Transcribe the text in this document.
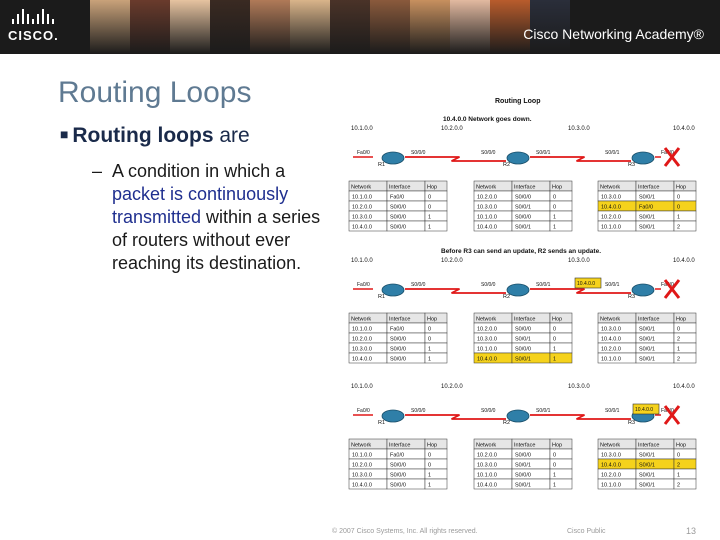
CISCO.	Cisco Networking Academy®
Routing Loops
■ Routing loops are
– A condition in which a packet is continuously transmitted within a series of routers without ever reaching its destination.
Routing Loop
10.4.0.0 Network goes down.
Before R3 can send an update, R2 sends an update.
10.1.0.0	10.2.0.0	10.3.0.0	10.4.0.0
R1	R2	R3
Fa0/0	S0/0/0	S0/0/0	S0/0/1	S0/0/1	Fa0/0
Network	Interface	Hop
10.1.0.0	Fa0/0	0
10.2.0.0	S0/0/0	0
10.3.0.0	S0/0/0	1
10.4.0.0	S0/0/0	1
Network	Interface	Hop
10.2.0.0	S0/0/0	0
10.3.0.0	S0/0/1	0
10.1.0.0	S0/0/0	1
10.4.0.0	S0/0/1	1
Network	Interface	Hop
10.3.0.0	S0/0/1	0
10.4.0.0	Fa0/0	0
10.2.0.0	S0/0/1	1
10.1.0.0	S0/0/1	2
10.1.0.0	10.2.0.0	10.3.0.0	10.4.0.0
R1	R2	R3
Fa0/0	S0/0/0	S0/0/0	S0/0/1	S0/0/1	Fa0/0
10.4.0.0
Network	Interface	Hop
10.1.0.0	Fa0/0	0
10.2.0.0	S0/0/0	0
10.3.0.0	S0/0/0	1
10.4.0.0	S0/0/0	1
Network	Interface	Hop
10.2.0.0	S0/0/0	0
10.3.0.0	S0/0/1	0
10.1.0.0	S0/0/0	1
10.4.0.0	S0/0/1	1
Network	Interface	Hop
10.3.0.0	S0/0/1	0
10.4.0.0	S0/0/1	2
10.2.0.0	S0/0/1	1
10.1.0.0	S0/0/1	2
10.1.0.0	10.2.0.0	10.3.0.0	10.4.0.0
R1	R2	R3
Fa0/0	S0/0/0	S0/0/0	S0/0/1	S0/0/1	Fa0/0
10.4.0.0
Network	Interface	Hop
10.1.0.0	Fa0/0	0
10.2.0.0	S0/0/0	0
10.3.0.0	S0/0/0	1
10.4.0.0	S0/0/0	1
Network	Interface	Hop
10.2.0.0	S0/0/0	0
10.3.0.0	S0/0/1	0
10.1.0.0	S0/0/0	1
10.4.0.0	S0/0/1	1
Network	Interface	Hop
10.3.0.0	S0/0/1	0
10.4.0.0	S0/0/1	2
10.2.0.0	S0/0/1	1
10.1.0.0	S0/0/1	2
© 2007 Cisco Systems, Inc. All rights reserved.	Cisco Public	13
